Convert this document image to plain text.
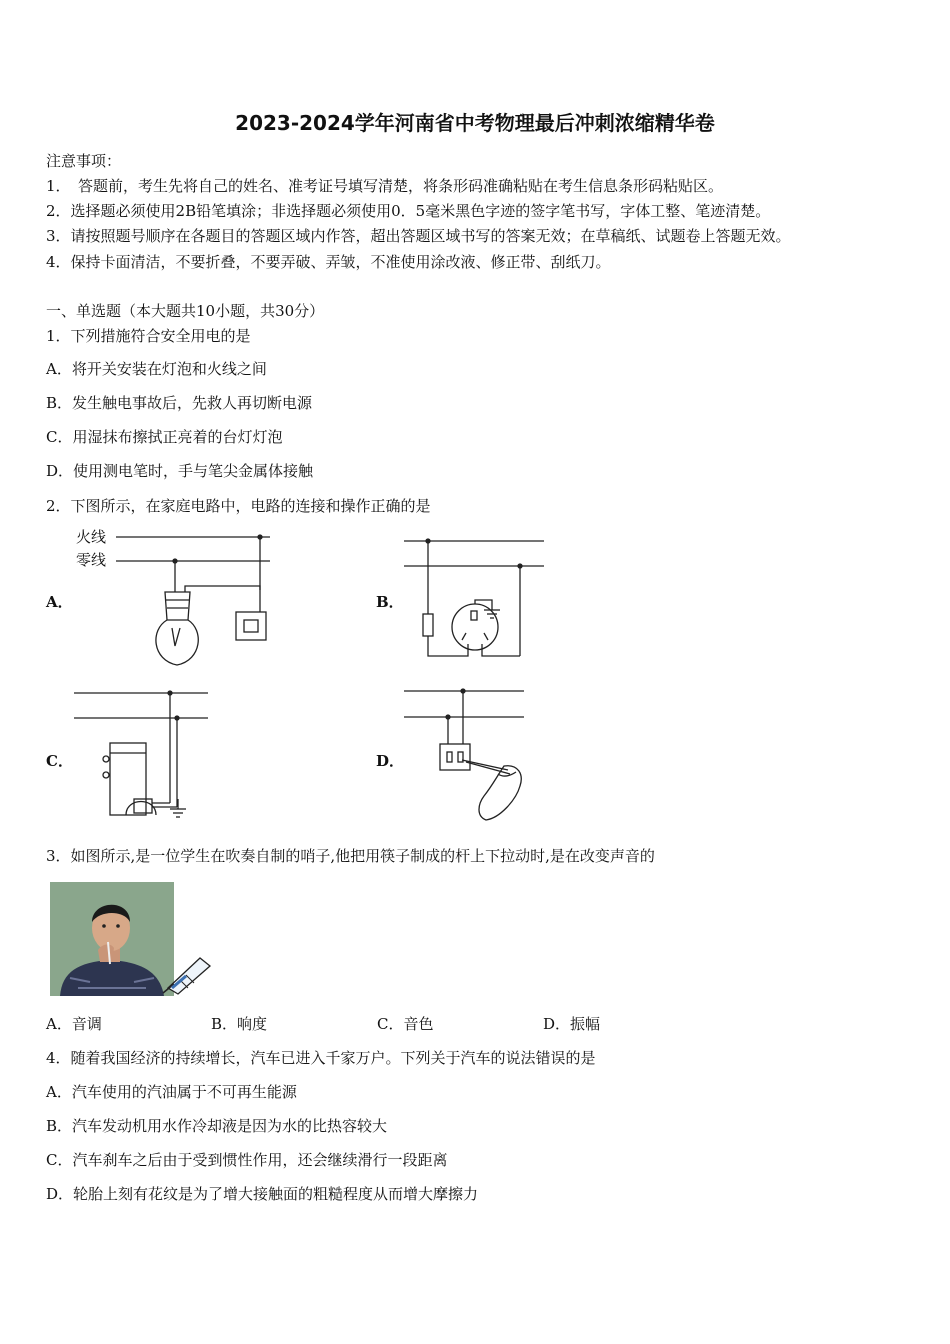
2023-2024学年河南省中考物理最后冲刺浓缩精华卷
注意事项：
1．　答题前，考生先将自己的姓名、准考证号填写清楚，将条形码准确粘贴在考生信息条形码粘贴区。
2．选择题必须使用2B铅笔填涂；非选择题必须使用0．5毫米黑色字迹的签字笔书写，字体工整、笔迹清楚。
3．请按照题号顺序在各题目的答题区域内作答，超出答题区域书写的答案无效；在草稿纸、试题卷上答题无效。
4．保持卡面清洁，不要折叠，不要弄破、弄皱，不准使用涂改液、修正带、刮纸刀。
一、单选题（本大题共10小题，共30分）
1．下列措施符合安全用电的是
A．将开关安装在灯泡和火线之间
B．发生触电事故后，先救人再切断电源
C．用湿抹布擦拭正亮着的台灯灯泡
D．使用测电笔时，手与笔尖金属体接触
2．下图所示，在家庭电路中，电路的连接和操作正确的是
A．	B．
C．	D．
火线
零线
3．如图所示,是一位学生在吹奏自制的哨子,他把用筷子制成的杆上下拉动时,是在改变声音的
A．音调	B．响度	C．音色	D．振幅
4．随着我国经济的持续增长，汽车已进入千家万户。下列关于汽车的说法错误的是
A．汽车使用的汽油属于不可再生能源
B．汽车发动机用水作冷却液是因为水的比热容较大
C．汽车刹车之后由于受到惯性作用，还会继续滑行一段距离
D．轮胎上刻有花纹是为了增大接触面的粗糙程度从而增大摩擦力
